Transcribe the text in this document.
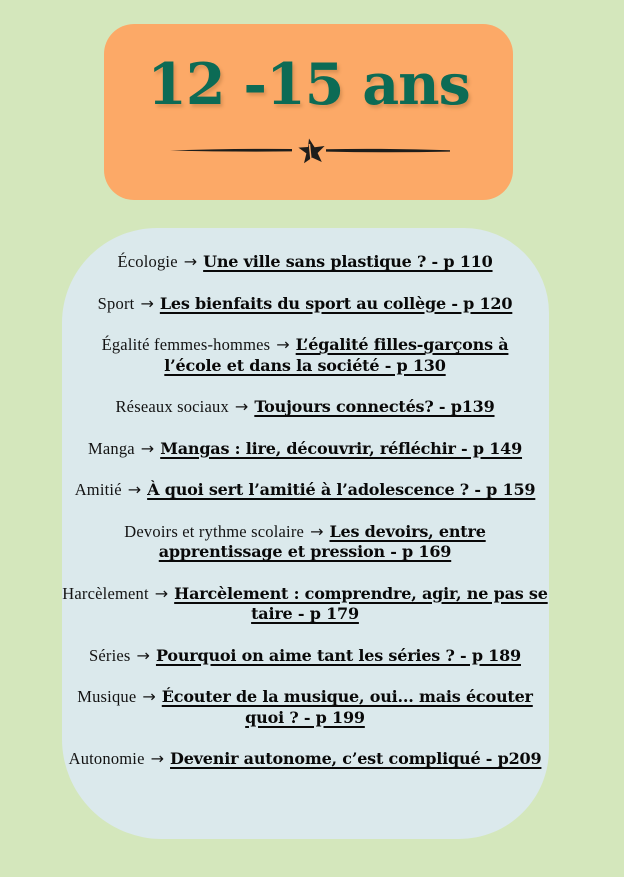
12 -15 ans
Écologie → Une ville sans plastique ? - p 110
Sport → Les bienfaits du sport au collège - p 120
Égalité femmes-hommes → L’égalité filles-garçons à l’école et dans la société - p 130
Réseaux sociaux → Toujours connectés? - p139
Manga → Mangas : lire, découvrir, réfléchir - p 149
Amitié → À quoi sert l’amitié à l’adolescence ? - p 159
Devoirs et rythme scolaire → Les devoirs, entre apprentissage et pression - p 169
Harcèlement → Harcèlement : comprendre, agir, ne pas se taire - p 179
Séries → Pourquoi on aime tant les séries ? - p 189
Musique → Écouter de la musique, oui... mais écouter quoi ? - p 199
Autonomie → Devenir autonome, c’est compliqué - p209
